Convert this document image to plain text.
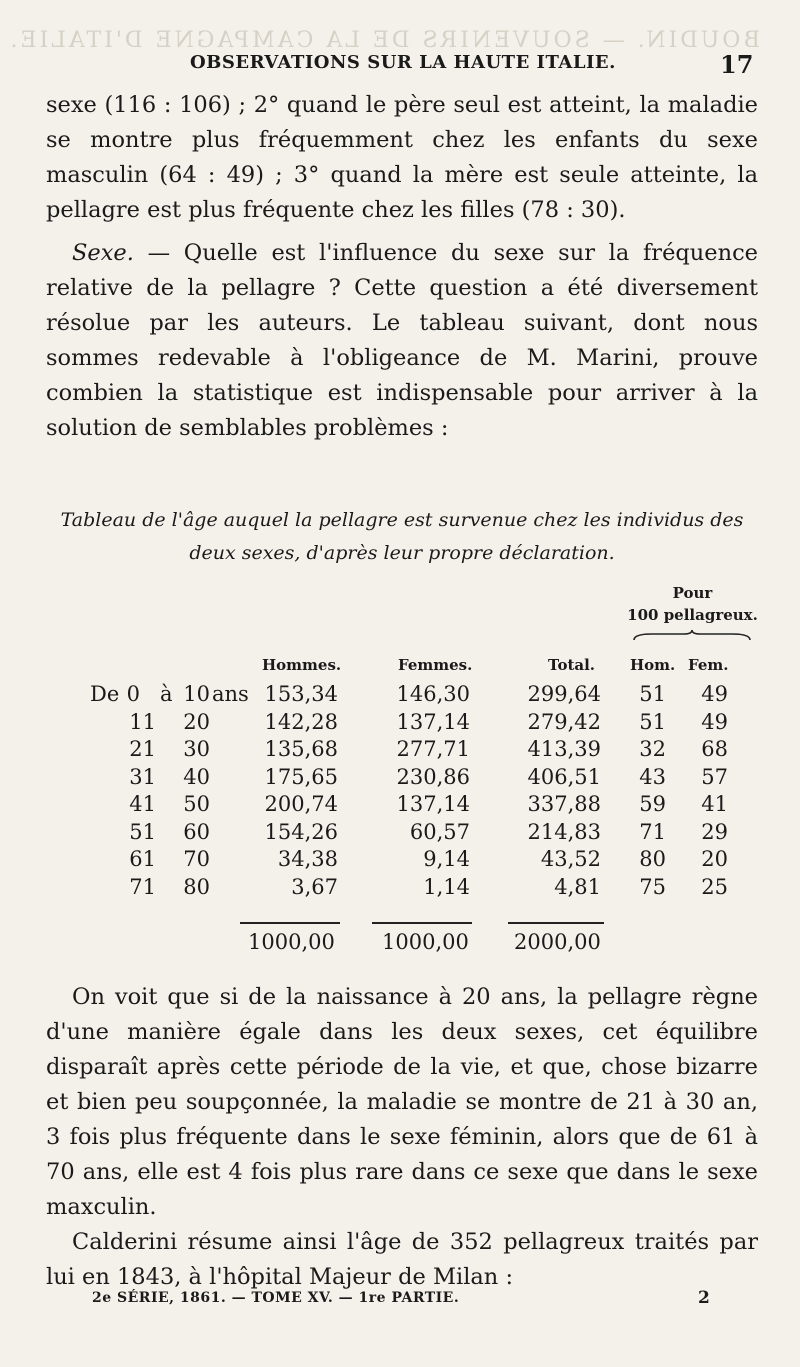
BOUDIN. — SOUVENIRS DE LA CAMPAGNE D'ITALIE.
OBSERVATIONS SUR LA HAUTE ITALIE.	17

sexe (116 : 106) ; 2° quand le père seul est atteint, la maladie se montre plus fréquemment chez les enfants du sexe masculin (64 : 49) ; 3° quand la mère est seule atteinte, la pellagre est plus fréquente chez les filles (78 : 30).

Sexe. — Quelle est l'influence du sexe sur la fréquence relative de la pellagre ? Cette question a été diversement résolue par les auteurs. Le tableau suivant, dont nous sommes redevable à l'obligeance de M. Marini, prouve combien la statistique est indispensable pour arriver à la solution de semblables problèmes :

Tableau de l'âge auquel la pellagre est survenue chez les individus des
deux sexes, d'après leur propre déclaration.
Pour
100 pellagreux.
Hommes.	Femmes.	Total. Hom. Fem.
De 0 à 10 ans 153,34	146,30	299,64 51 49
11	20	142,28	137,14	279,42 51 49
21	30	135,68	277,71	413,39 32 68
31	40	175,65	230,86	406,51 43 57
41	50	200,74	137,14	337,88 59 41
51	60	154,26	60,57	214,83 71 29
61	70	34,38	9,14	43,52 80 20
71	80	3,67	1,14	4,81 75 25
1000,00 1000,00 2000,00

On voit que si de la naissance à 20 ans, la pellagre règne d'une manière égale dans les deux sexes, cet équilibre disparaît après cette période de la vie, et que, chose bizarre et bien peu soupçonnée, la maladie se montre de 21 à 30 an, 3 fois plus fréquente dans le sexe féminin, alors que de 61 à 70 ans, elle est 4 fois plus rare dans ce sexe que dans le sexe maxculin.

Calderini résume ainsi l'âge de 352 pellagreux traités par lui en 1843, à l'hôpital Majeur de Milan :

2e SÉRIE, 1861. — TOME XV. — 1re PARTIE.	2
